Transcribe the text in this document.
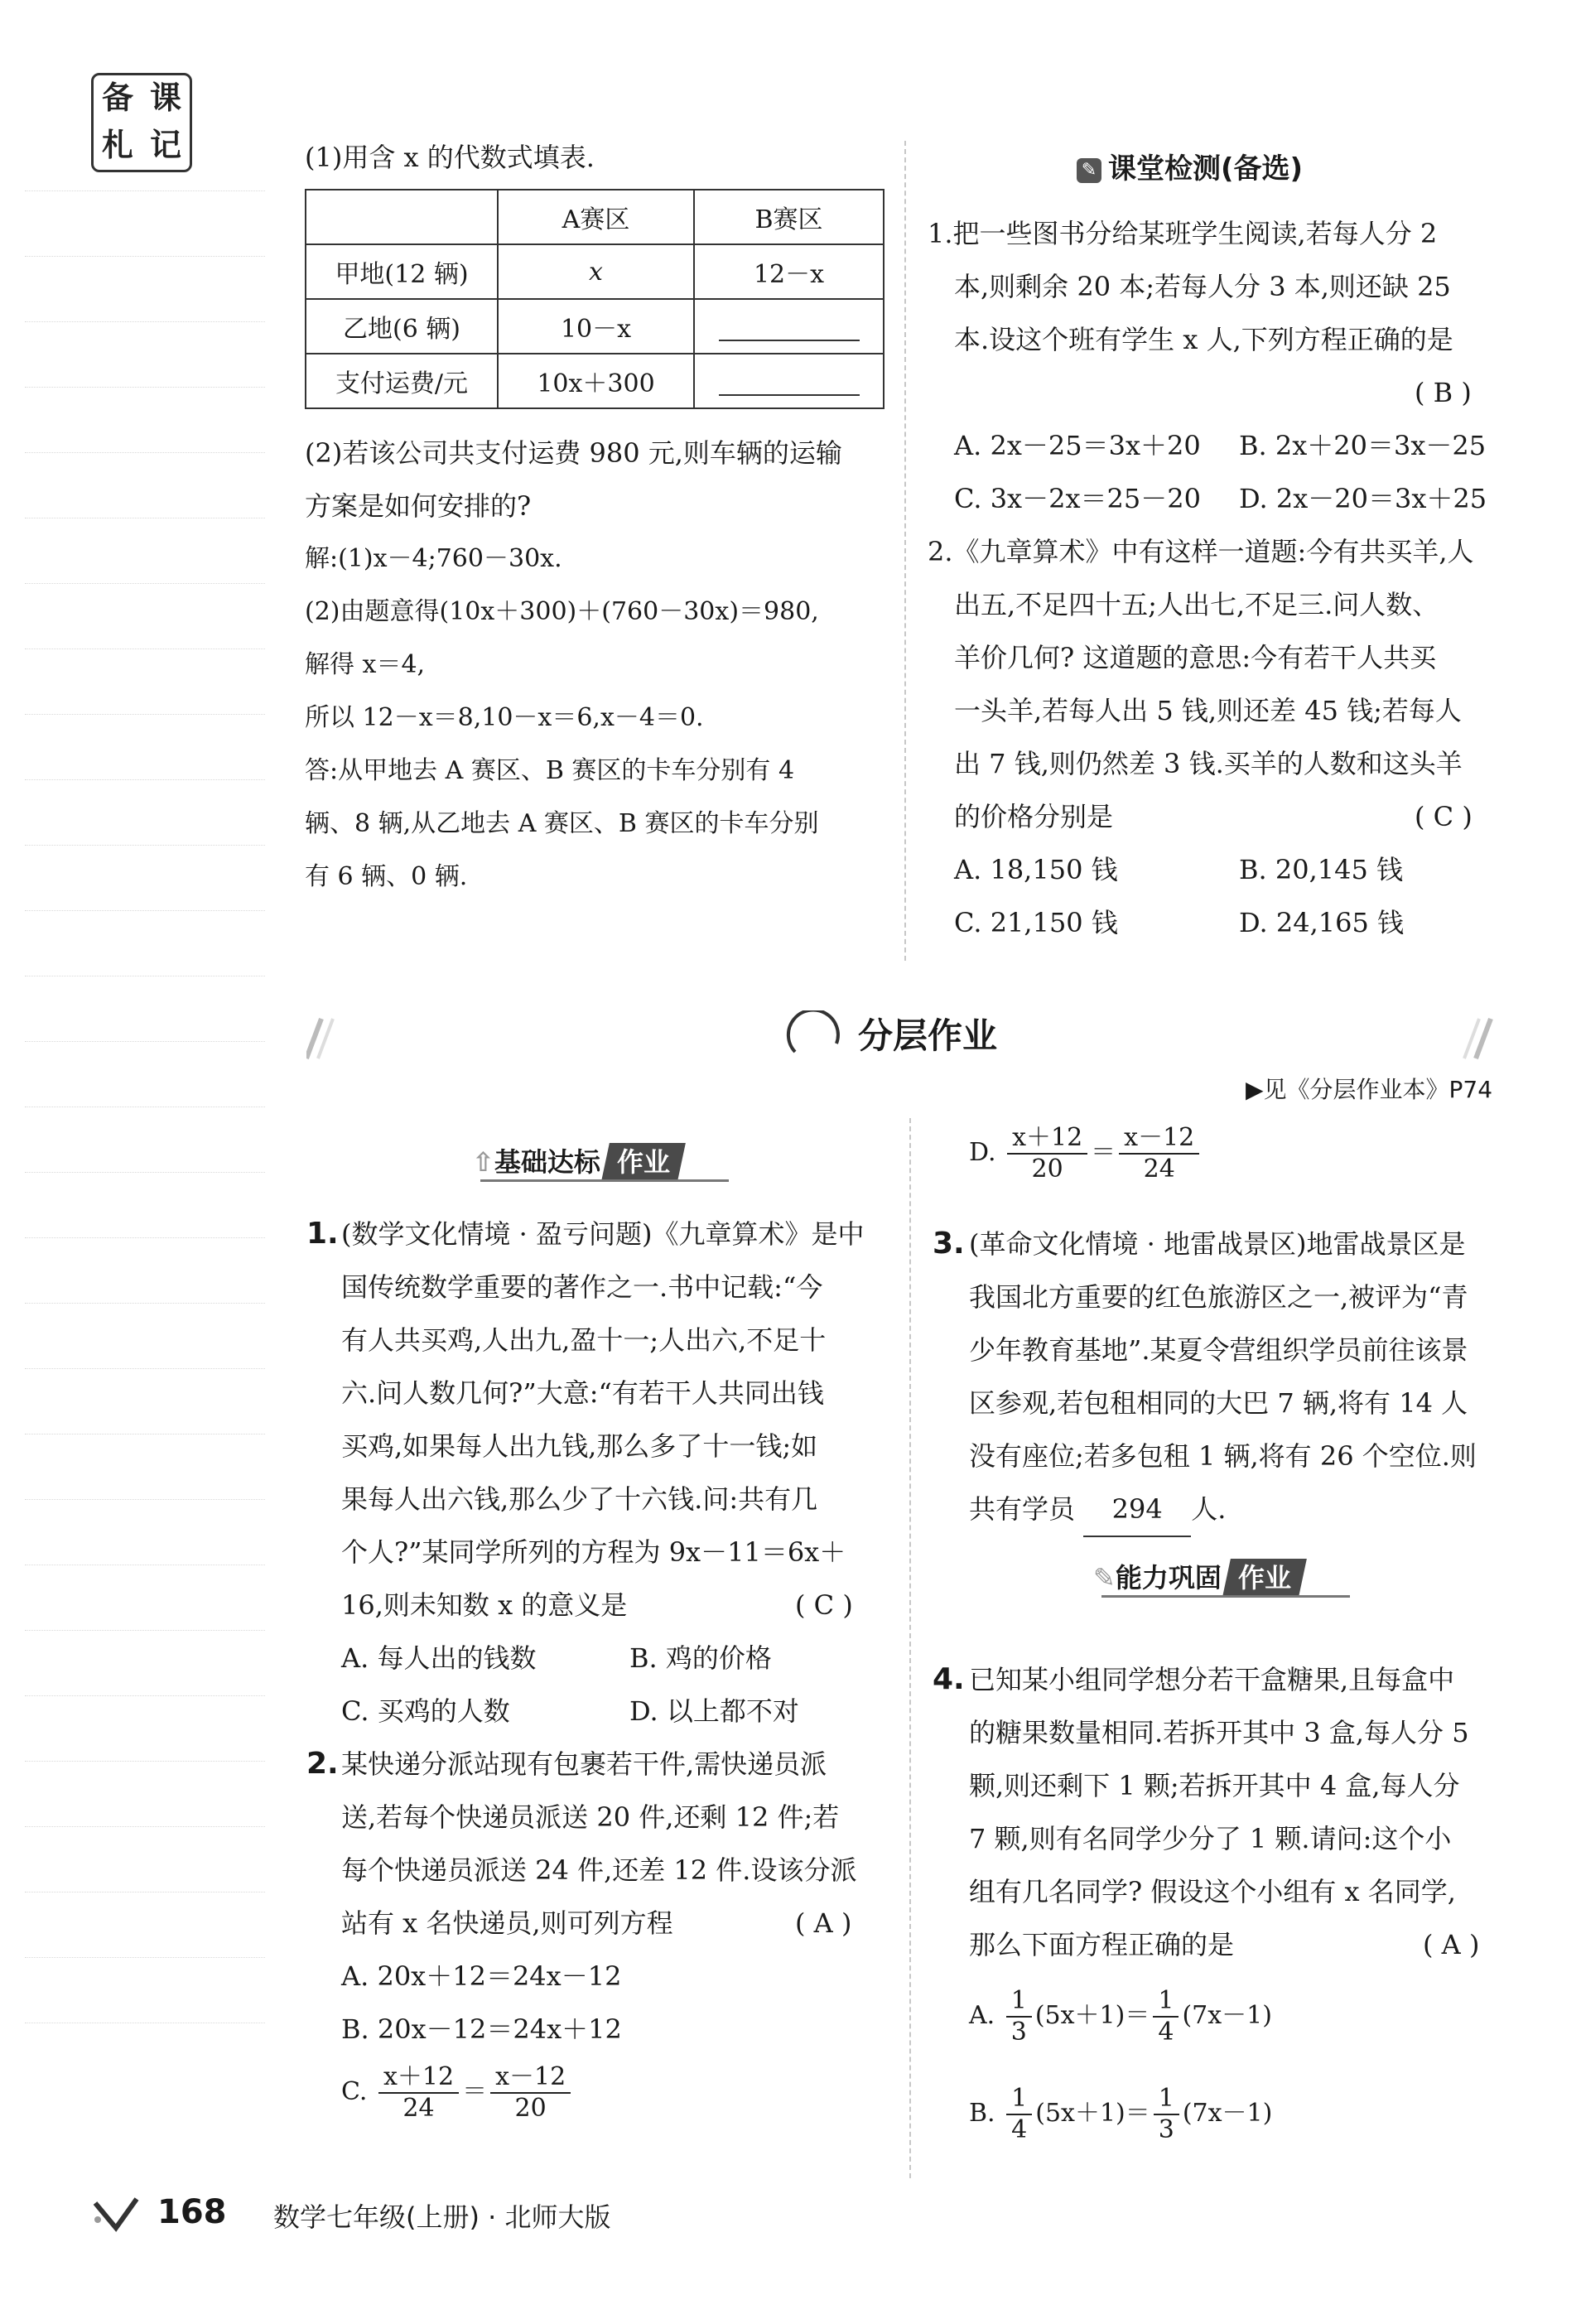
备 课
札 记	(1)用含 x 的代数式填表.
	A赛区	B赛区
甲地(12 辆)	x	12－x
乙地(6 辆)	10－x	
支付运费/元	10x＋300	
(2)若该公司共支付运费 980 元,则车辆的运输
方案是如何安排的?
解:(1)x－4;760－30x.
(2)由题意得(10x＋300)＋(760－30x)＝980,
解得 x＝4,
所以 12－x＝8,10－x＝6,x－4＝0.
答:从甲地去 A 赛区、B 赛区的卡车分别有 4
辆、8 辆,从乙地去 A 赛区、B 赛区的卡车分别
有 6 辆、0 辆.
✎ 课堂检测(备选)
1.把一些图书分给某班学生阅读,若每人分 2
本,则剩余 20 本;若每人分 3 本,则还缺 25
本.设这个班有学生 x 人,下列方程正确的是
( B )
A. 2x－25＝3x＋20 B. 2x＋20＝3x－25
C. 3x－2x＝25－20 D. 2x－20＝3x＋25
2.《九章算术》中有这样一道题:今有共买羊,人
出五,不足四十五;人出七,不足三.问人数、
羊价几何? 这道题的意思:今有若干人共买
一头羊,若每人出 5 钱,则还差 45 钱;若每人
出 7 钱,则仍然差 3 钱.买羊的人数和这头羊
的价格分别是	( C )
A. 18,150 钱	B. 20,145 钱
C. 21,150 钱	D. 24,165 钱
分层作业
▶见《分层作业本》P74
⇧基础达标 作业
1. (数学文化情境 · 盈亏问题)《九章算术》是中
国传统数学重要的著作之一.书中记载:“今
有人共买鸡,人出九,盈十一;人出六,不足十
六.问人数几何?”大意:“有若干人共同出钱
买鸡,如果每人出九钱,那么多了十一钱;如
果每人出六钱,那么少了十六钱.问:共有几
个人?”某同学所列的方程为 9x－11＝6x＋
16,则未知数 x 的意义是	( C )
A. 每人出的钱数	B. 鸡的价格
C. 买鸡的人数	D. 以上都不对
2. 某快递分派站现有包裹若干件,需快递员派
送,若每个快递员派送 20 件,还剩 12 件;若
每个快递员派送 24 件,还差 12 件.设该分派
站有 x 名快递员,则可列方程	( A )
A. 20x＋12＝24x－12
B. 20x－12＝24x＋12
C. $\frac{x+12}{24} = \frac{x-12}{20}$
D. $\frac{x+12}{20} = \frac{x-12}{24}$
3. (革命文化情境 · 地雷战景区)地雷战景区是
我国北方重要的红色旅游区之一,被评为“青
少年教育基地”.某夏令营组织学员前往该景
区参观,若包租相同的大巴 7 辆,将有 14 人
没有座位;若多包租 1 辆,将有 26 个空位.则
共有学员 294 人.
✎能力巩固 作业
4. 已知某小组同学想分若干盒糖果,且每盒中
的糖果数量相同.若拆开其中 3 盒,每人分 5
颗,则还剩下 1 颗;若拆开其中 4 盒,每人分
7 颗,则有名同学少分了 1 颗.请问:这个小
组有几名同学? 假设这个小组有 x 名同学,
那么下面方程正确的是	( A )
A. $\frac{1}{3} (5x+1)= \frac{1}{4} (7x-1)$
B. $\frac{1}{4} (5x+1)= \frac{1}{3} (7x-1)$
168 数学七年级(上册) · 北师大版
